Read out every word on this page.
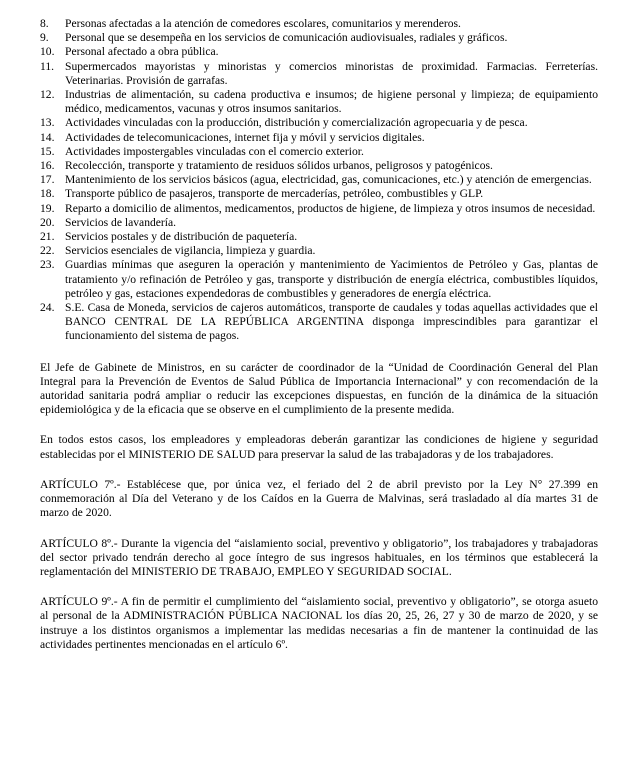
8.	Personas afectadas a la atención de comedores escolares, comunitarios y merenderos.
9.	Personal que se desempeña en los servicios de comunicación audiovisuales, radiales y gráficos.
10. Personal afectado a obra pública.
11. Supermercados mayoristas y minoristas y comercios minoristas de proximidad. Farmacias. Ferreterías. Veterinarias. Provisión de garrafas.
12. Industrias de alimentación, su cadena productiva e insumos; de higiene personal y limpieza; de equipamiento médico, medicamentos, vacunas y otros insumos sanitarios.
13. Actividades vinculadas con la producción, distribución y comercialización agropecuaria y de pesca.
14. Actividades de telecomunicaciones, internet fija y móvil y servicios digitales.
15. Actividades impostergables vinculadas con el comercio exterior.
16. Recolección, transporte y tratamiento de residuos sólidos urbanos, peligrosos y patogénicos.
17. Mantenimiento de los servicios básicos (agua, electricidad, gas, comunicaciones, etc.) y atención de emergencias.
18. Transporte público de pasajeros, transporte de mercaderías, petróleo, combustibles y GLP.
19. Reparto a domicilio de alimentos, medicamentos, productos de higiene, de limpieza y otros insumos de necesidad.
20. Servicios de lavandería.
21. Servicios postales y de distribución de paquetería.
22. Servicios esenciales de vigilancia, limpieza y guardia.
23. Guardias mínimas que aseguren la operación y mantenimiento de Yacimientos de Petróleo y Gas, plantas de tratamiento y/o refinación de Petróleo y gas, transporte y distribución de energía eléctrica, combustibles líquidos, petróleo y gas, estaciones expendedoras de combustibles y generadores de energía eléctrica.
24. S.E. Casa de Moneda, servicios de cajeros automáticos, transporte de caudales y todas aquellas actividades que el BANCO CENTRAL DE LA REPÚBLICA ARGENTINA disponga imprescindibles para garantizar el funcionamiento del sistema de pagos.

El Jefe de Gabinete de Ministros, en su carácter de coordinador de la “Unidad de Coordinación General del Plan Integral para la Prevención de Eventos de Salud Pública de Importancia Internacional” y con recomendación de la autoridad sanitaria podrá ampliar o reducir las excepciones dispuestas, en función de la dinámica de la situación epidemiológica y de la eficacia que se observe en el cumplimiento de la presente medida.

En todos estos casos, los empleadores y empleadoras deberán garantizar las condiciones de higiene y seguridad establecidas por el MINISTERIO DE SALUD para preservar la salud de las trabajadoras y de los trabajadores.

ARTÍCULO 7º.- Establécese que, por única vez, el feriado del 2 de abril previsto por la Ley N° 27.399 en conmemoración al Día del Veterano y de los Caídos en la Guerra de Malvinas, será trasladado al día martes 31 de marzo de 2020.

ARTÍCULO 8º.- Durante la vigencia del “aislamiento social, preventivo y obligatorio”, los trabajadores y trabajadoras del sector privado tendrán derecho al goce íntegro de sus ingresos habituales, en los términos que establecerá la reglamentación del MINISTERIO DE TRABAJO, EMPLEO Y SEGURIDAD SOCIAL.

ARTÍCULO 9º.- A fin de permitir el cumplimiento del “aislamiento social, preventivo y obligatorio”, se otorga asueto al personal de la ADMINISTRACIÓN PÚBLICA NACIONAL los días 20, 25, 26, 27 y 30 de marzo de 2020, y se instruye a los distintos organismos a implementar las medidas necesarias a fin de mantener la continuidad de las actividades pertinentes mencionadas en el artículo 6º.
